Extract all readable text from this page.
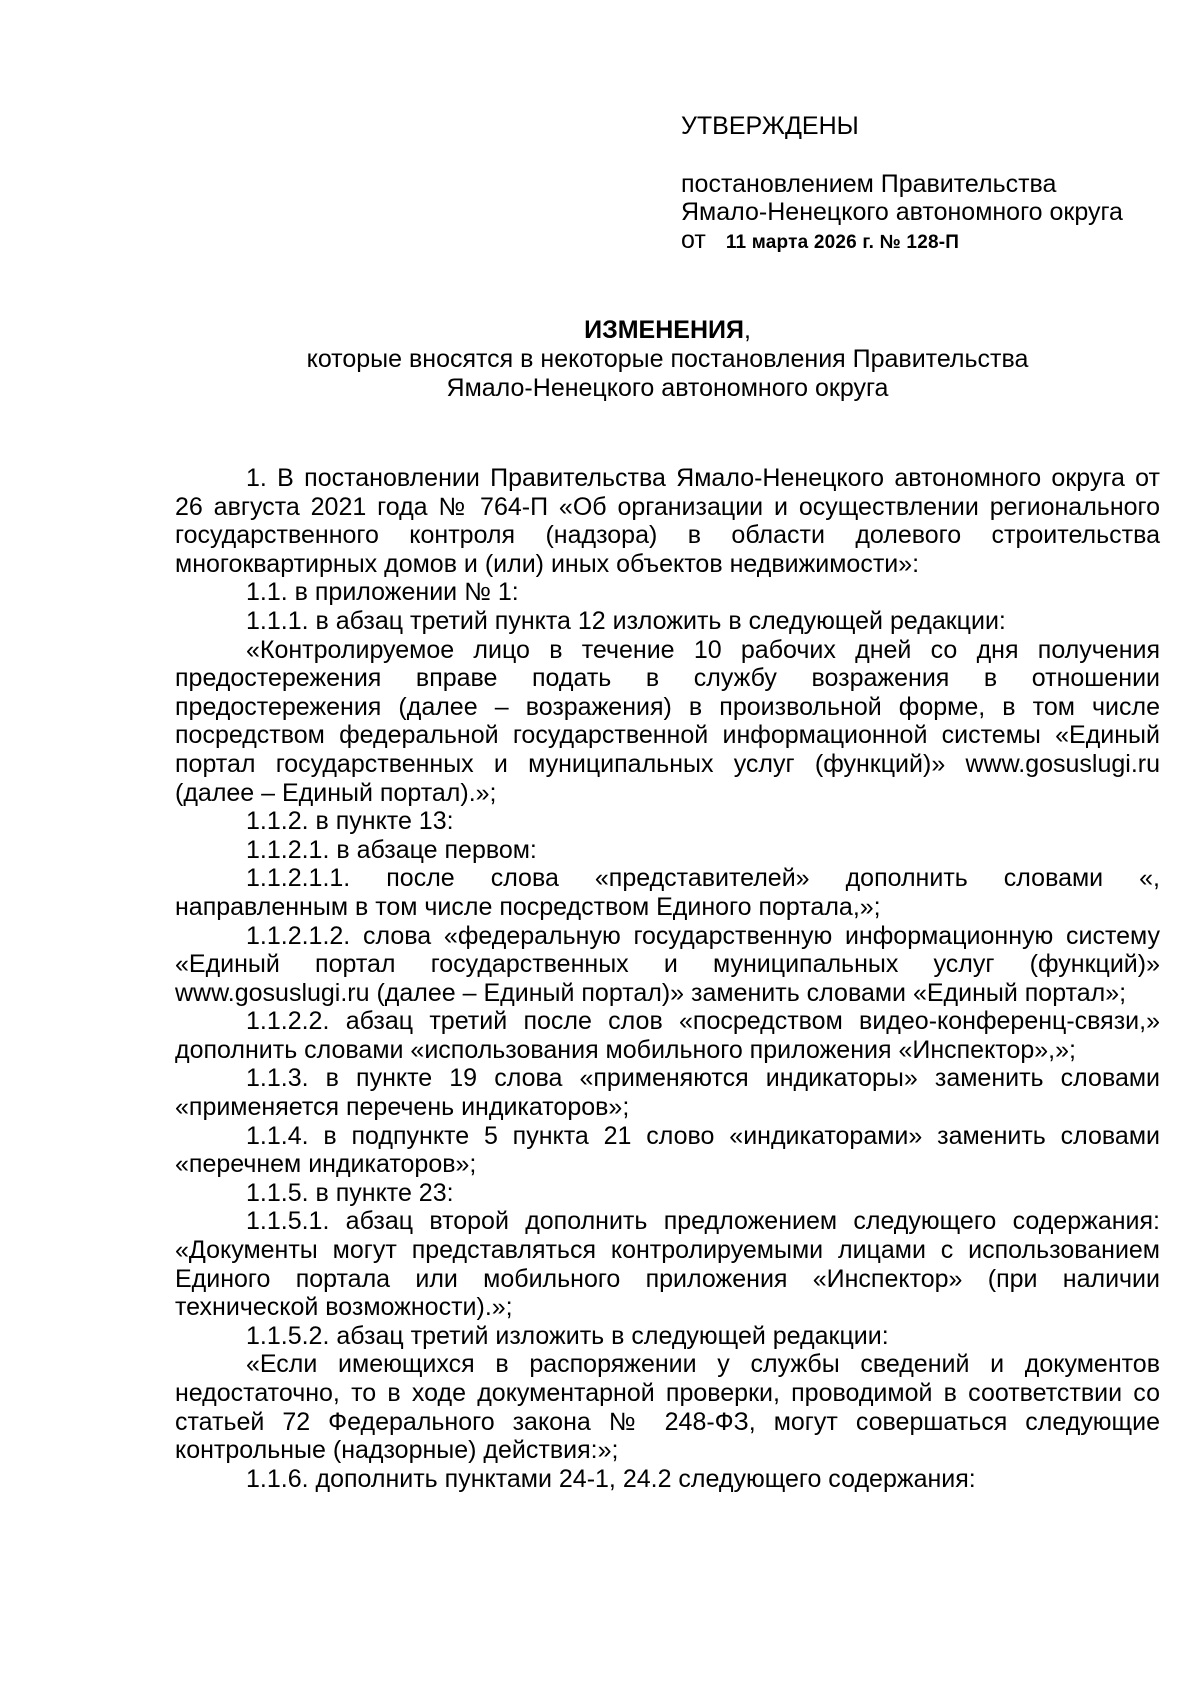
УТВЕРЖДЕНЫ
постановлением Правительства
Ямало-Ненецкого автономного округа
от 11 марта 2026 г. № 128-П
ИЗМЕНЕНИЯ,
которые вносятся в некоторые постановления Правительства
Ямало-Ненецкого автономного округа

1. В постановлении Правительства Ямало-Ненецкого автономного округа от 26 августа 2021 года № 764-П «Об организации и осуществлении регионального государственного контроля (надзора) в области долевого строительства многоквартирных домов и (или) иных объектов недвижимости»:

1.1. в приложении № 1:

1.1.1. в абзац третий пункта 12 изложить в следующей редакции:

«Контролируемое лицо в течение 10 рабочих дней со дня получения предостережения вправе подать в службу возражения в отношении предостережения (далее – возражения) в произвольной форме, в том числе посредством федеральной государственной информационной системы «Единый портал государственных и муниципальных услуг (функций)» www.gosuslugi.ru (далее – Единый портал).»;

1.1.2. в пункте 13:

1.1.2.1. в абзаце первом:

1.1.2.1.1. после слова «представителей» дополнить словами «, направленным в том числе посредством Единого портала,»;

1.1.2.1.2. слова «федеральную государственную информационную систему «Единый портал государственных и муниципальных услуг (функций)» www.gosuslugi.ru (далее – Единый портал)» заменить словами «Единый портал»;

1.1.2.2. абзац третий после слов «посредством видео-конференц-связи,» дополнить словами «использования мобильного приложения «Инспектор»,»;

1.1.3. в пункте 19 слова «применяются индикаторы» заменить словами «применяется перечень индикаторов»;

1.1.4. в подпункте 5 пункта 21 слово «индикаторами» заменить словами «перечнем индикаторов»;

1.1.5. в пункте 23:

1.1.5.1. абзац второй дополнить предложением следующего содержания: «Документы могут представляться контролируемыми лицами с использованием Единого портала или мобильного приложения «Инспектор» (при наличии технической возможности).»;

1.1.5.2. абзац третий изложить в следующей редакции:

«Если имеющихся в распоряжении у службы сведений и документов недостаточно, то в ходе документарной проверки, проводимой в соответствии со статьей 72 Федерального закона № 248-ФЗ, могут совершаться следующие контрольные (надзорные) действия:»;

1.1.6. дополнить пунктами 24-1, 24.2 следующего содержания:
